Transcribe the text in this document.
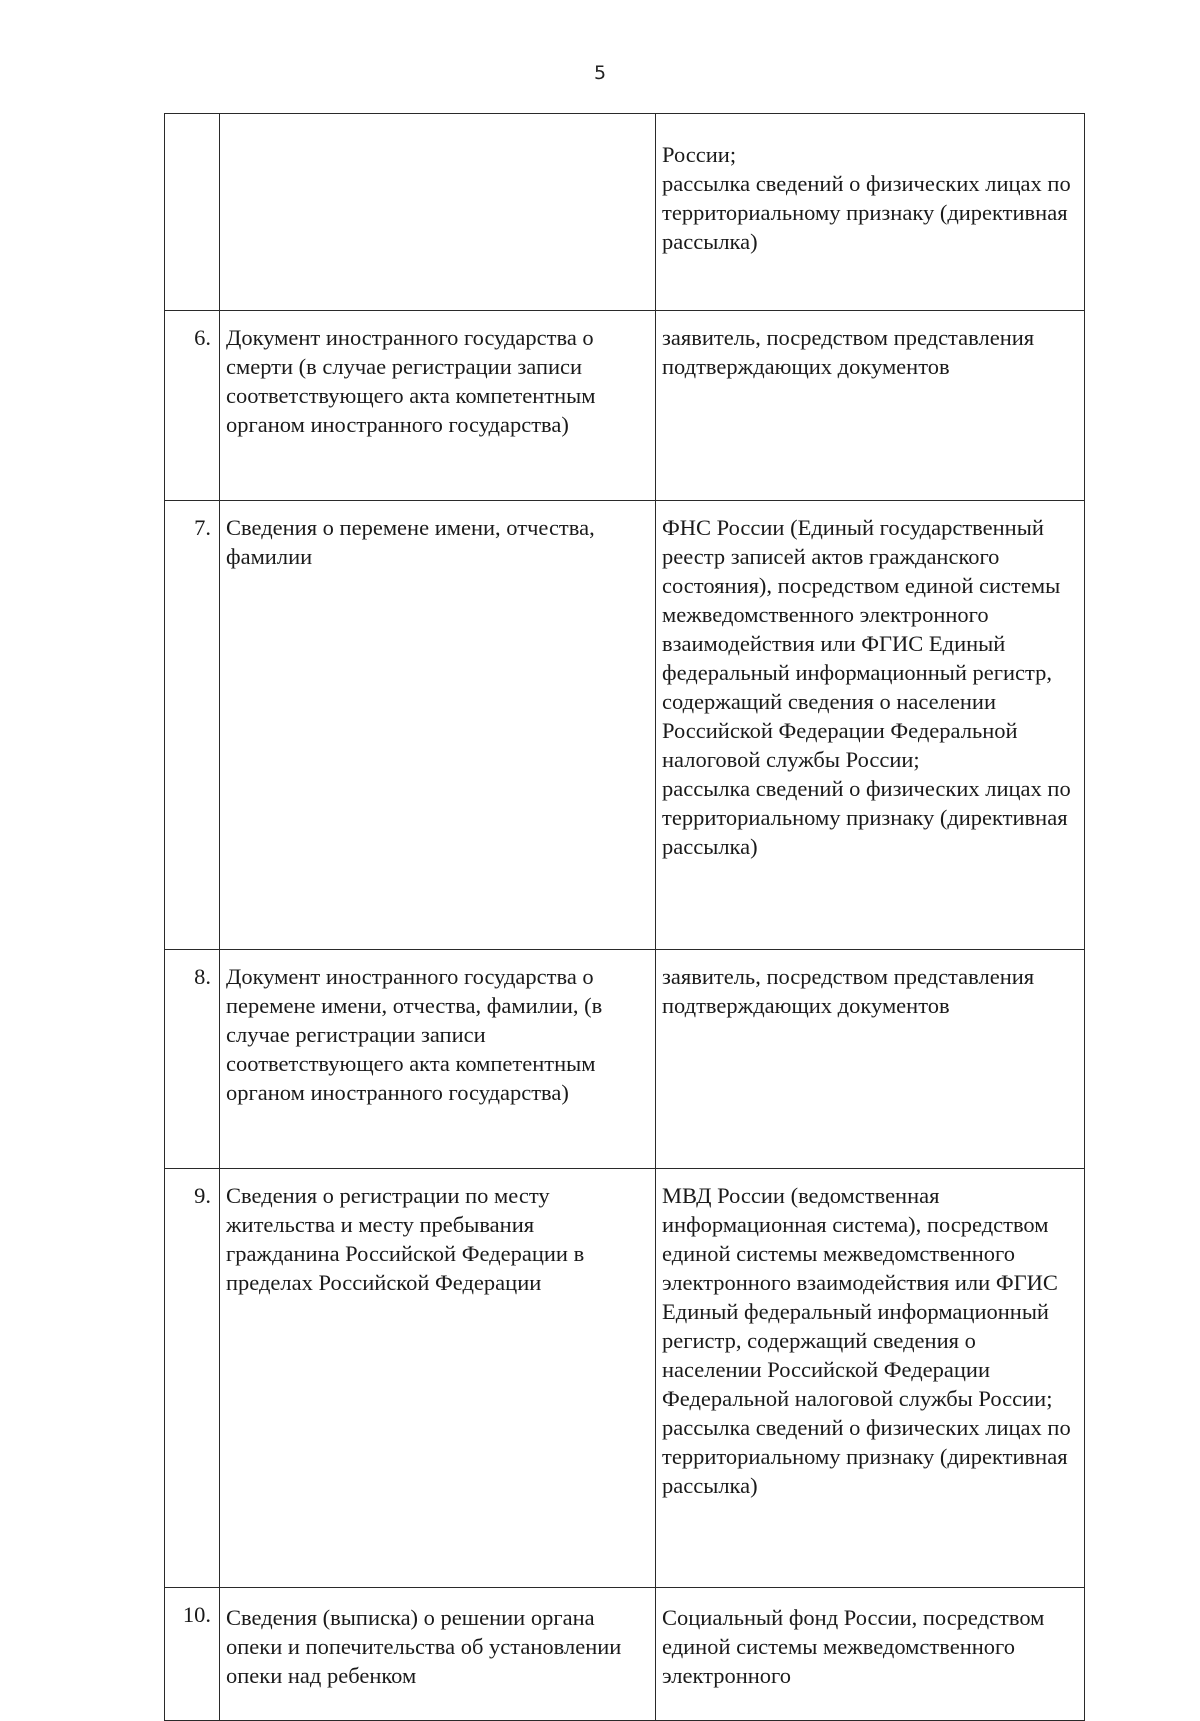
5
		России;
рассылка сведений о физических лицах по территориальному признаку (директивная рассылка)
6.	Документ иностранного государства о смерти (в случае регистрации записи соответствующего акта компетентным органом иностранного государства)	заявитель, посредством представления подтверждающих документов
7.	Сведения о перемене имени, отчества, фамилии	ФНС России (Единый государственный реестр записей актов гражданского состояния), посредством единой системы межведомственного электронного взаимодействия или ФГИС Единый федеральный информационный регистр, содержащий сведения о населении Российской Федерации Федеральной налоговой службы России;
рассылка сведений о физических лицах по территориальному признаку (директивная рассылка)
8.	Документ иностранного государства о перемене имени, отчества, фамилии, (в случае регистрации записи соответствующего акта компетентным органом иностранного государства)	заявитель, посредством представления подтверждающих документов
9.	Сведения о регистрации по месту жительства и месту пребывания гражданина Российской Федерации в пределах Российской Федерации	МВД России (ведомственная информационная система), посредством единой системы межведомственного электронного взаимодействия или ФГИС Единый федеральный информационный регистр, содержащий сведения о населении Российской Федерации Федеральной налоговой службы России;
рассылка сведений о физических лицах по территориальному признаку (директивная рассылка)
10.	Сведения (выписка) о решении органа опеки и попечительства об установлении опеки над ребенком	Социальный фонд России, посредством единой системы межведомственного электронного
